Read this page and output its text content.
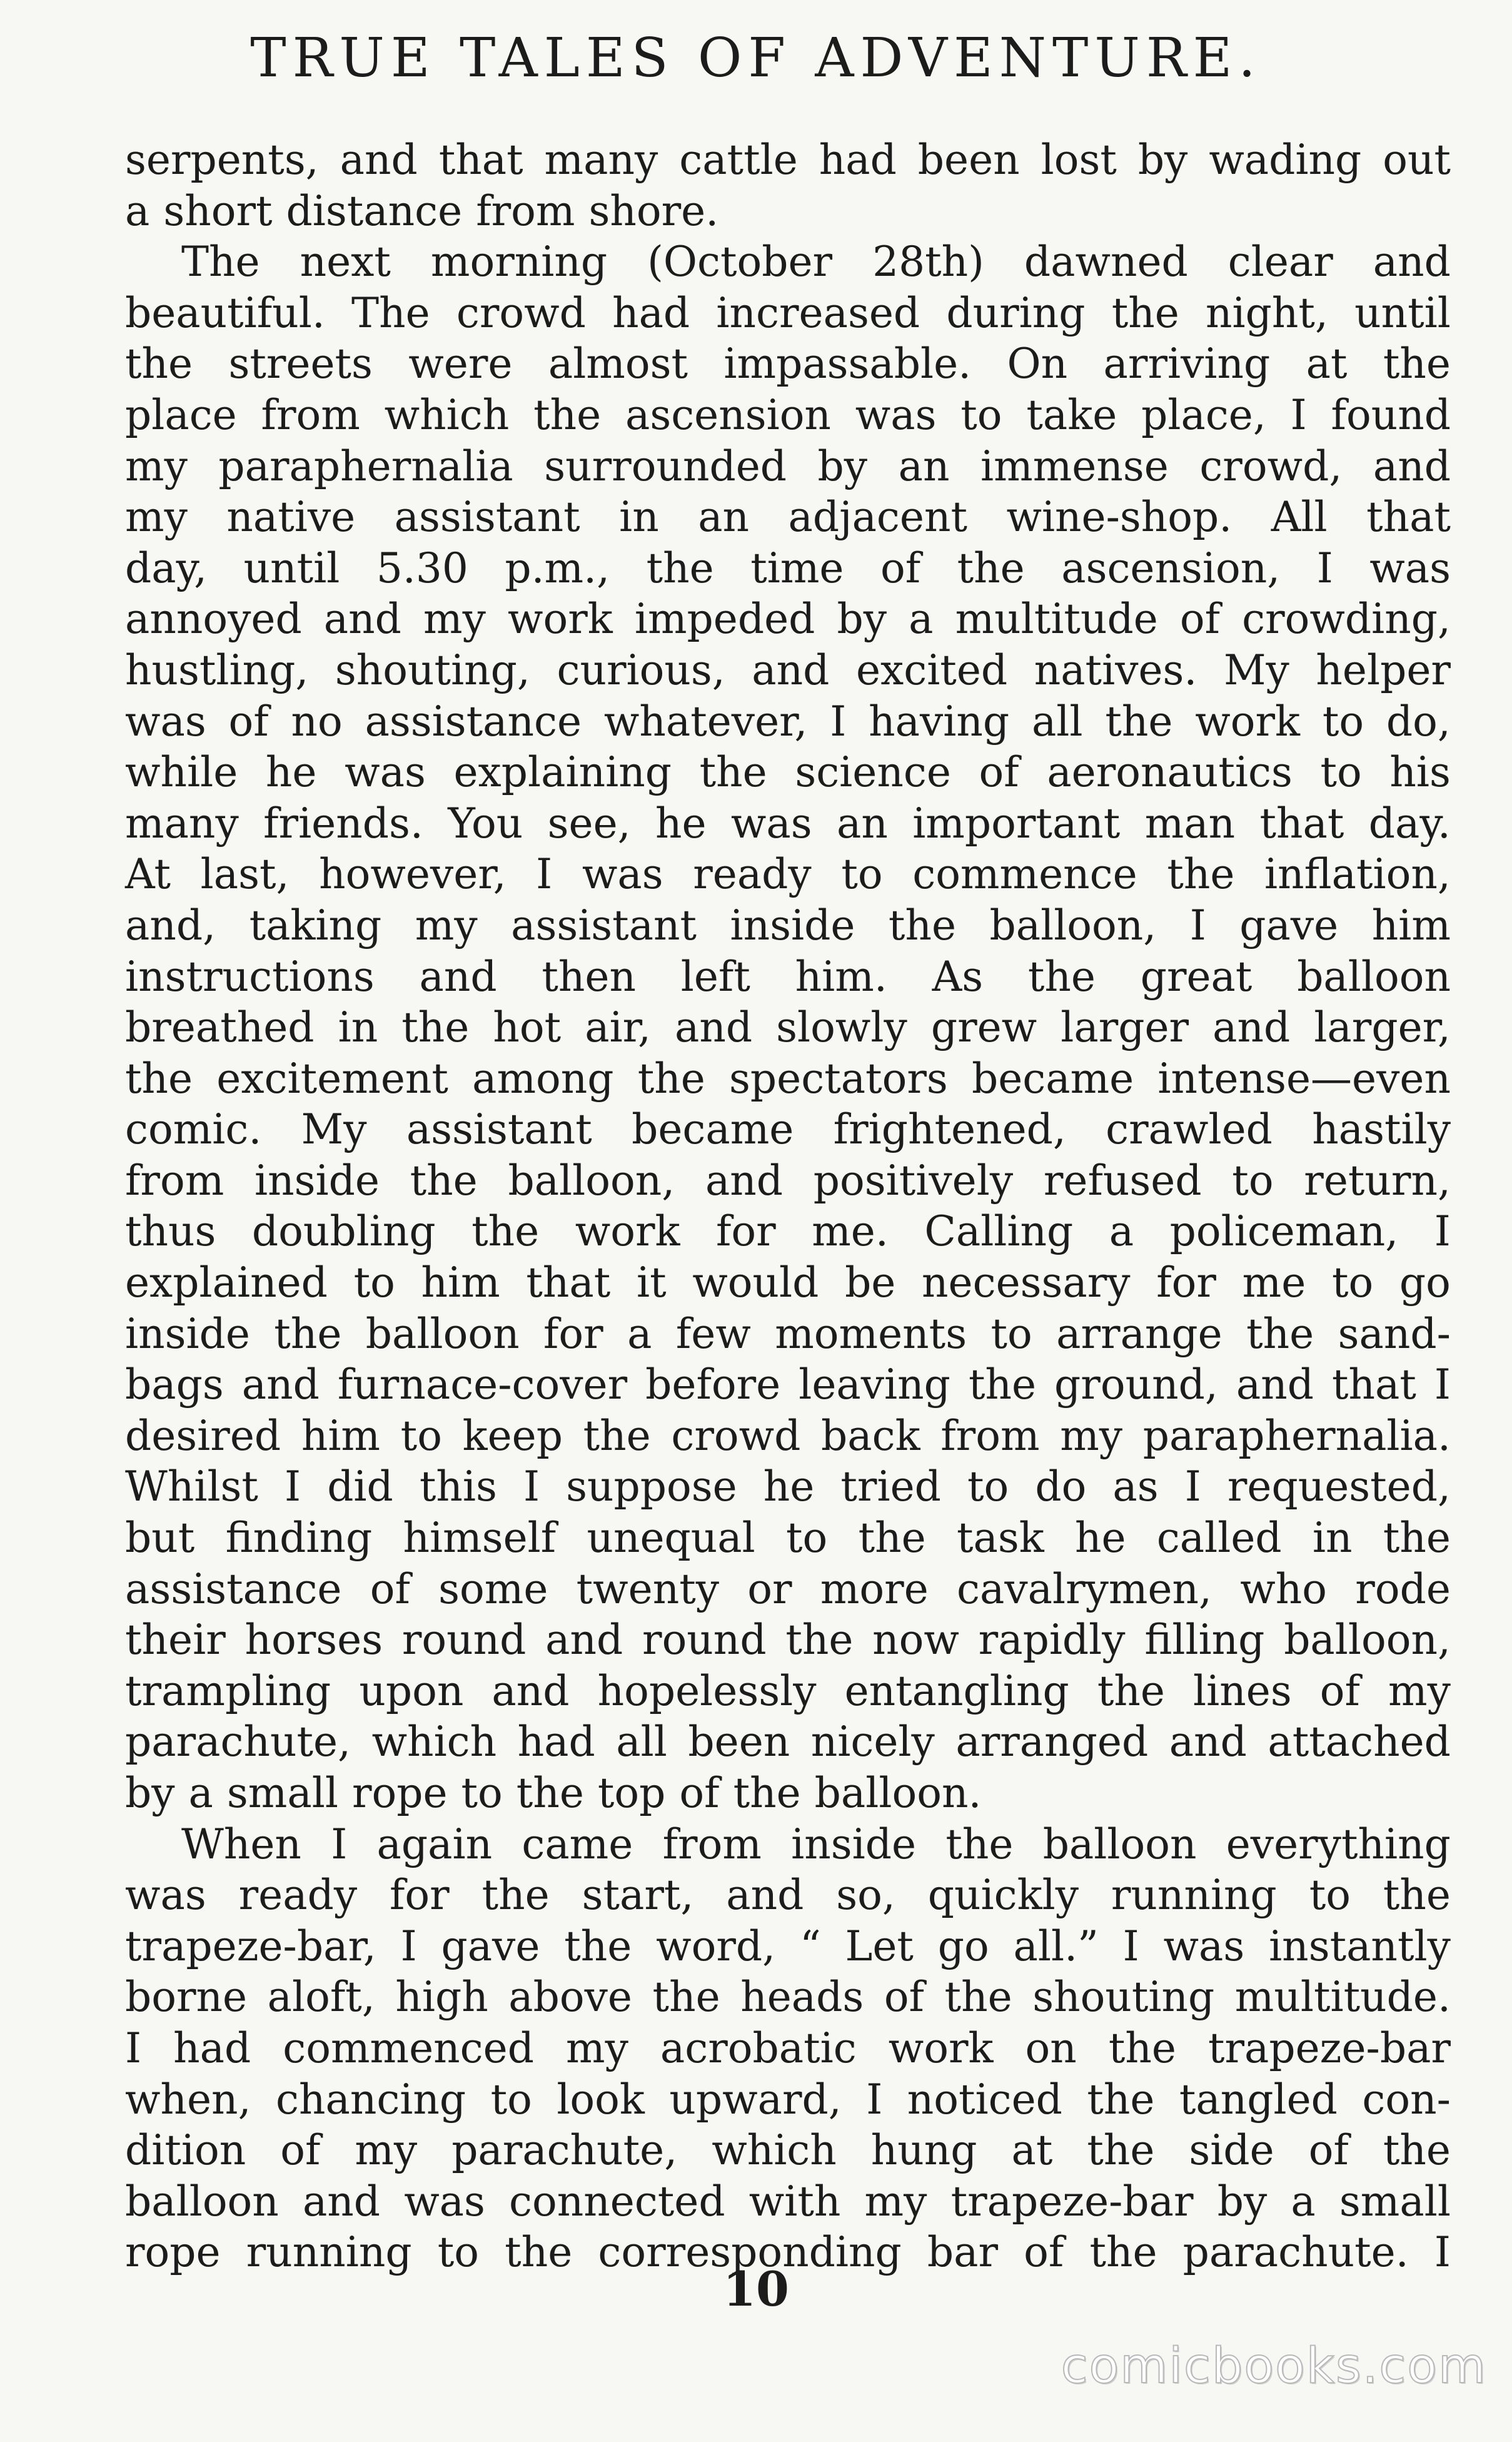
TRUE TALES OF ADVENTURE.
serpents, and that many cattle had been lost by wading out
a short distance from shore.
The next morning (October 28th) dawned clear and
beautiful. The crowd had increased during the night, until
the streets were almost impassable. On arriving at the
place from which the ascension was to take place, I found
my paraphernalia surrounded by an immense crowd, and
my native assistant in an adjacent wine-shop. All that
day, until 5.30 p.m., the time of the ascension, I was
annoyed and my work impeded by a multitude of crowding,
hustling, shouting, curious, and excited natives. My helper
was of no assistance whatever, I having all the work to do,
while he was explaining the science of aeronautics to his
many friends. You see, he was an important man that day.
At last, however, I was ready to commence the inflation,
and, taking my assistant inside the balloon, I gave him
instructions and then left him. As the great balloon
breathed in the hot air, and slowly grew larger and larger,
the excitement among the spectators became intense—even
comic. My assistant became frightened, crawled hastily
from inside the balloon, and positively refused to return,
thus doubling the work for me. Calling a policeman, I
explained to him that it would be necessary for me to go
inside the balloon for a few moments to arrange the sand-
bags and furnace-cover before leaving the ground, and that I
desired him to keep the crowd back from my paraphernalia.
Whilst I did this I suppose he tried to do as I requested,
but finding himself unequal to the task he called in the
assistance of some twenty or more cavalrymen, who rode
their horses round and round the now rapidly filling balloon,
trampling upon and hopelessly entangling the lines of my
parachute, which had all been nicely arranged and attached
by a small rope to the top of the balloon.
When I again came from inside the balloon everything
was ready for the start, and so, quickly running to the
trapeze-bar, I gave the word, “ Let go all.” I was instantly
borne aloft, high above the heads of the shouting multitude.
I had commenced my acrobatic work on the trapeze-bar
when, chancing to look upward, I noticed the tangled con-
dition of my parachute, which hung at the side of the
balloon and was connected with my trapeze-bar by a small
rope running to the corresponding bar of the parachute. I
10
comicbooks.com
